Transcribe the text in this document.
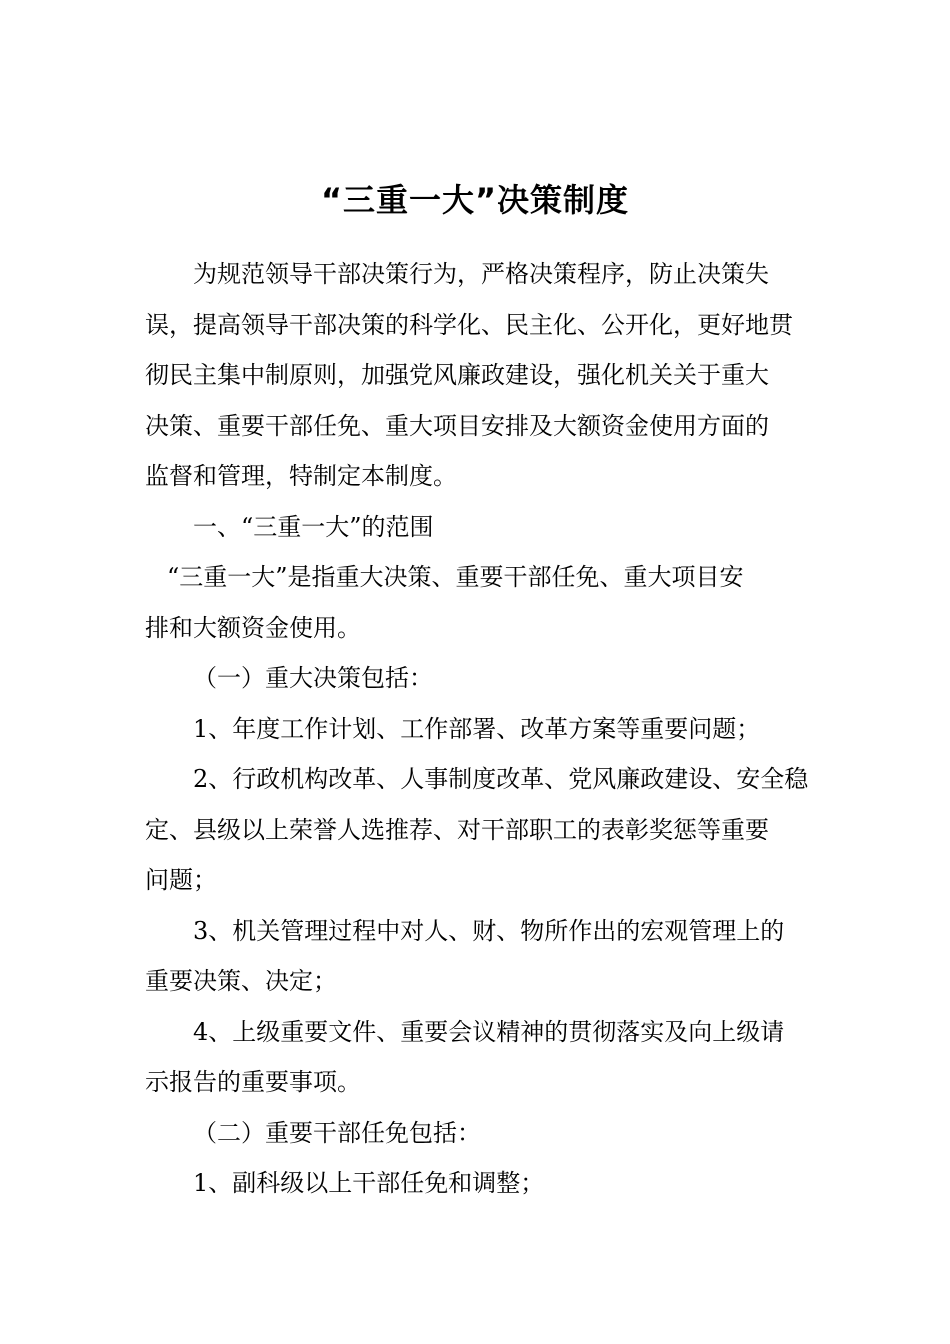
“三重一大”决策制度
为规范领导干部决策行为，严格决策程序，防止决策失
误，提高领导干部决策的科学化、民主化、公开化，更好地贯
彻民主集中制原则，加强党风廉政建设，强化机关关于重大
决策、重要干部任免、重大项目安排及大额资金使用方面的
监督和管理，特制定本制度。
一、“三重一大”的范围
“三重一大”是指重大决策、重要干部任免、重大项目安
排和大额资金使用。
（一）重大决策包括：
1、年度工作计划、工作部署、改革方案等重要问题；
2、行政机构改革、人事制度改革、党风廉政建设、安全稳
定、县级以上荣誉人选推荐、对干部职工的表彰奖惩等重要
问题；
3、机关管理过程中对人、财、物所作出的宏观管理上的
重要决策、决定；
4、上级重要文件、重要会议精神的贯彻落实及向上级请
示报告的重要事项。
（二）重要干部任免包括：
1、副科级以上干部任免和调整；
